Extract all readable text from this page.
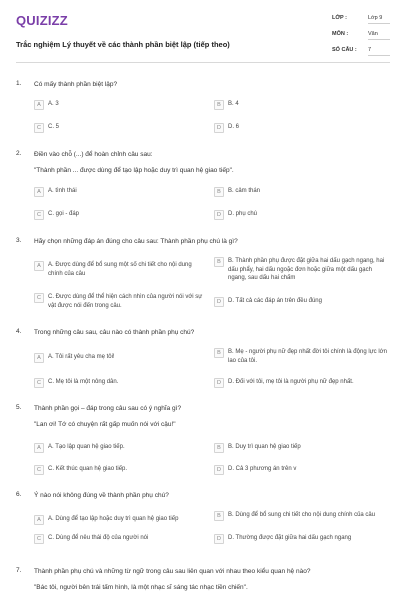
QUIZIZZ
Trắc nghiệm Lý thuyết về các thành phần biệt lập (tiếp theo)
LỚP :	Lớp 9
MÔN :	Văn
SỐ CÂU : 7
1. Có mấy thành phần biệt lập?
A	A. 3	B	B. 4
C	C. 5	D	D. 6
2. Điền vào chỗ (...) để hoàn chỉnh câu sau:
"Thành phần ... được dùng để tạo lập hoặc duy trì quan hệ giao tiếp".
A	A. tình thái	B	B. cảm thán
C	C. gọi - đáp	D	D. phụ chú
3. Hãy chọn những đáp án đúng cho câu sau: Thành phần phụ chú là gì?
A	A. Được dùng để bổ sung một số chi tiết cho nội dung chính của câu
B	B. Thành phần phụ được đặt giữa hai dấu gạch ngang, hai dấu phẩy, hai dấu ngoặc đơn hoặc giữa một dấu gạch ngang, sau dấu hai chấm
C	C. Được dùng để thể hiện cách nhìn của người nói với sự vật được nói đến trong câu.
D	D. Tất cả các đáp án trên đều đúng
4. Trong những câu sau, câu nào có thành phần phụ chú?
A	A. Tôi rất yêu cha mẹ tôi!
B	B. Mẹ - người phụ nữ đẹp nhất đời tôi chính là động lực lớn lao của tôi.
C	C. Mẹ tôi là một nông dân.	D	D. Đối với tôi, mẹ tôi là người phụ nữ đẹp nhất.
5. Thành phần gọi – đáp trong câu sau có ý nghĩa gì?
"Lan ơi! Tớ có chuyện rất gấp muốn nói với cậu!"
A	A. Tạo lập quan hệ giao tiếp.	B	B. Duy trì quan hệ giao tiếp
C	C. Kết thúc quan hệ giao tiếp.	D	D. Cả 3 phương án trên v
6. Ý nào nói không đúng về thành phần phụ chú?
A	A. Dùng để tạo lập hoặc duy trì quan hệ giao tiếp	B	B. Dùng để bổ sung chi tiết cho nội dung chính của câu
C	C. Dùng để nêu thái độ của người nói	D	D. Thường được đặt giữa hai dấu gạch ngang
7. Thành phần phụ chú và những từ ngữ trong câu sau liên quan với nhau theo kiểu quan hệ nào?
"Bác tôi, người bên trái tấm hình, là một nhạc sĩ sáng tác nhạc tiền chiến".
